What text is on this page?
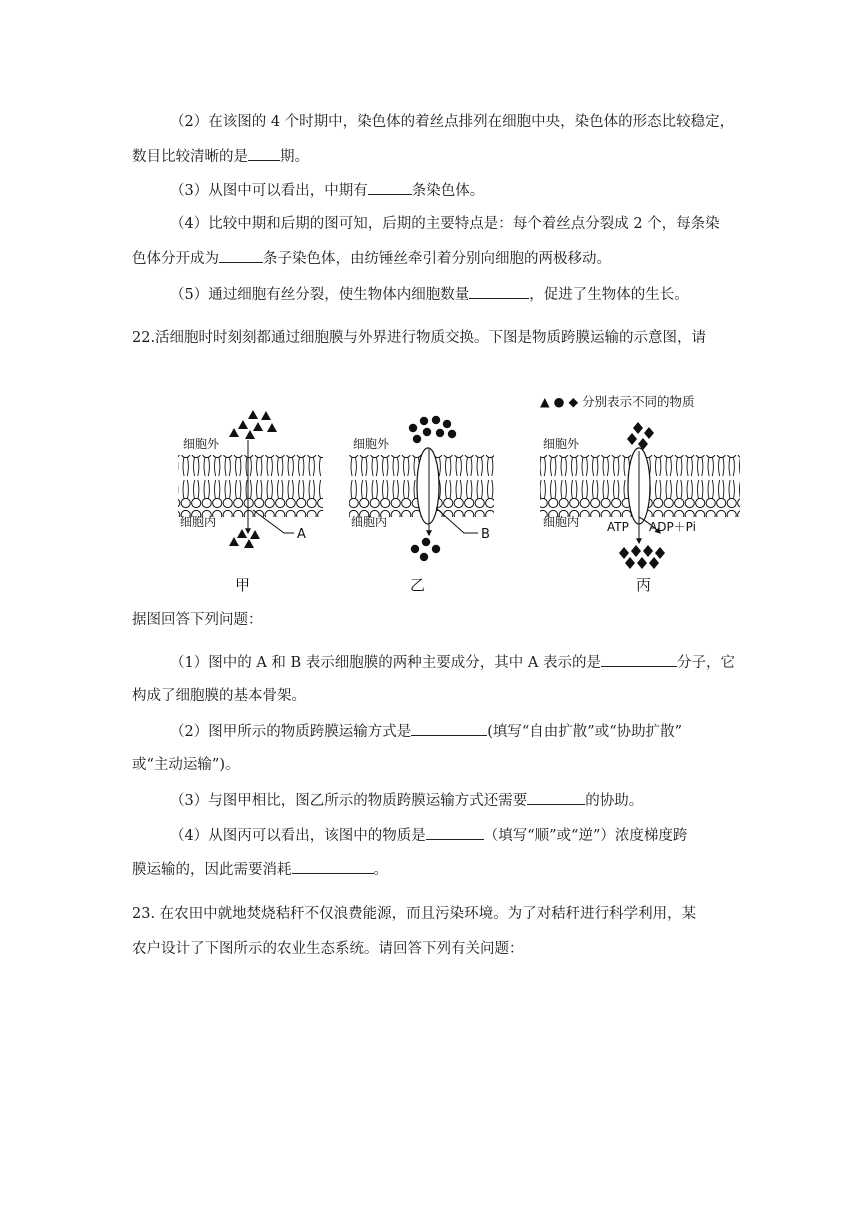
（2）在该图的 4 个时期中，染色体的着丝点排列在细胞中央，染色体的形态比较稳定，
数目比较清晰的是 期。
（3）从图中可以看出，中期有	条染色体。
（4）比较中期和后期的图可知，后期的主要特点是：每个着丝点分裂成 2 个，每条染
色体分开成为	条子染色体，由纺锤丝牵引着分别向细胞的两极移动。
（5）通过细胞有丝分裂，使生物体内细胞数量	，促进了生物体的生长。
22.活细胞时时刻刻都通过细胞膜与外界进行物质交换。下图是物质跨膜运输的示意图，请
▲ ● ◆ 分别表示不同的物质
细胞外
细胞内
A
甲
细胞外
细胞内
B
乙
细胞外
细胞内 ATP ADP＋Pi
丙
据图回答下列问题：
（1）图中的 A 和 B 表示细胞膜的两种主要成分，其中 A 表示的是	分子，它
构成了细胞膜的基本骨架。
（2）图甲所示的物质跨膜运输方式是	(填写“自由扩散”或“协助扩散”
或“主动运输”)。
（3）与图甲相比，图乙所示的物质跨膜运输方式还需要	的协助。
（4）从图丙可以看出，该图中的物质是	（填写“顺”或“逆”）浓度梯度跨
膜运输的，因此需要消耗	。
23. 在农田中就地焚烧秸秆不仅浪费能源，而且污染环境。为了对秸秆进行科学利用，某
农户设计了下图所示的农业生态系统。请回答下列有关问题：
